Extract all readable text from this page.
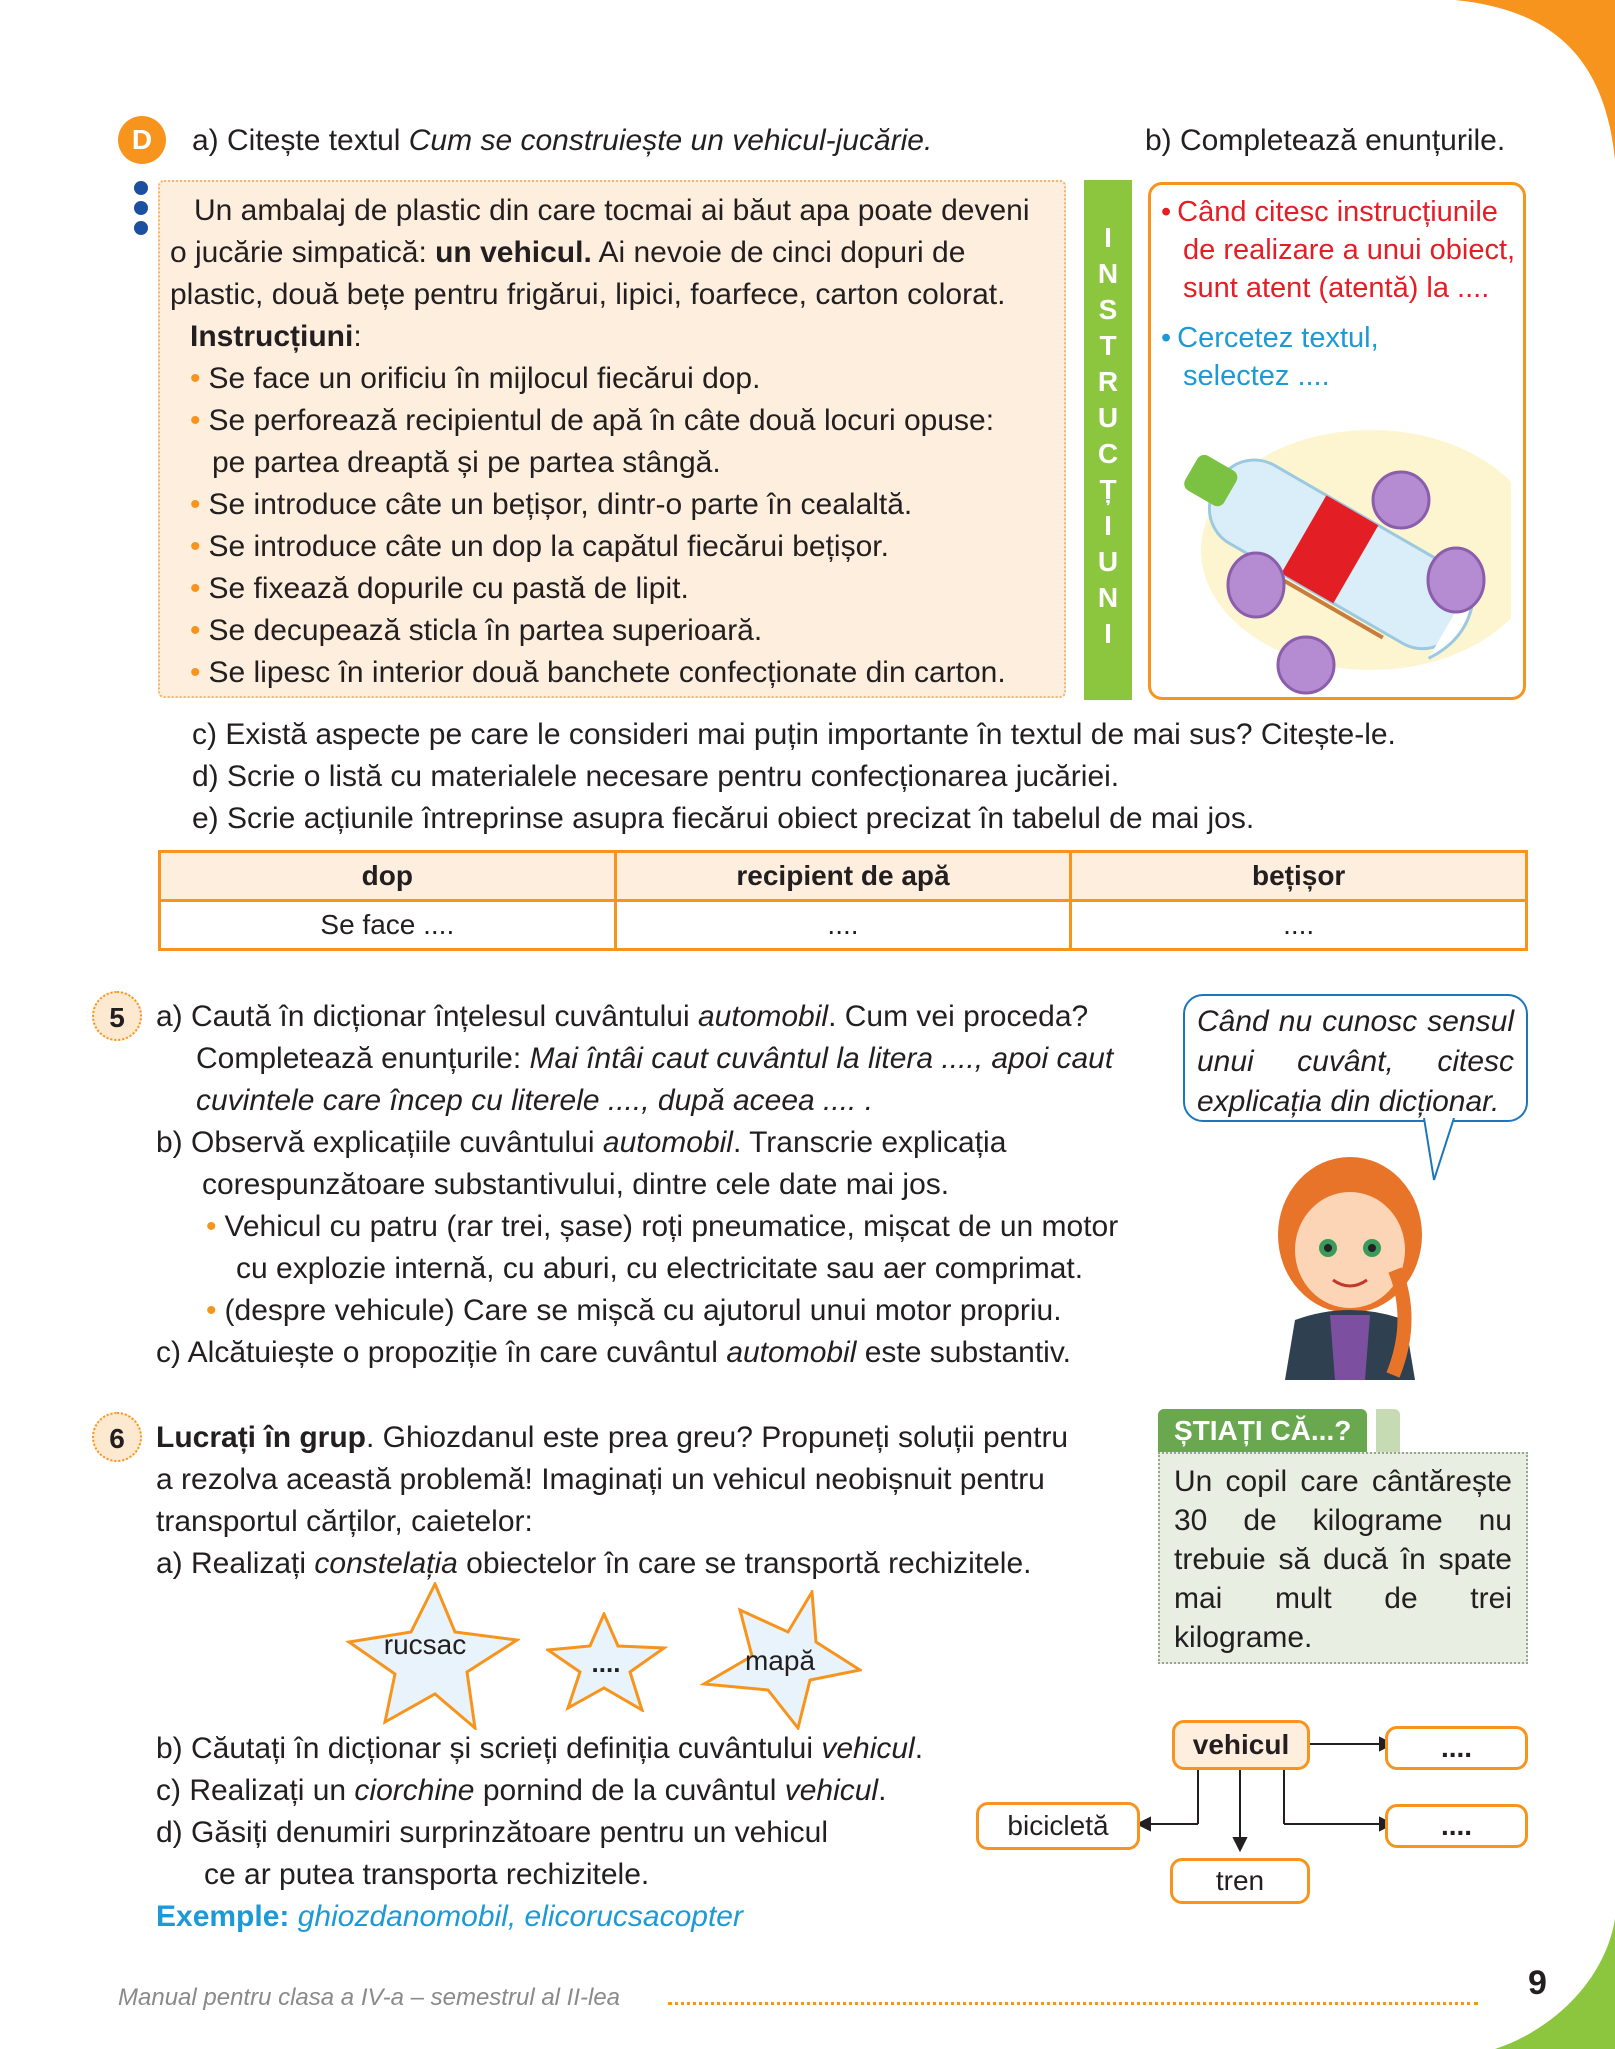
D	a) Citește textul Cum se construiește un vehicul-jucărie.	b) Completează enunțurile.
Un ambalaj de plastic din care tocmai ai băut apa poate deveni
o jucărie simpatică: un vehicul. Ai nevoie de cinci dopuri de
plastic, două bețe pentru frigărui, lipici, foarfece, carton colorat.
Instrucțiuni:
• Se face un orificiu în mijlocul fiecărui dop.
• Se perforează recipientul de apă în câte două locuri opuse:
pe partea dreaptă și pe partea stângă.
• Se introduce câte un bețișor, dintr-o parte în cealaltă.
• Se introduce câte un dop la capătul fiecărui bețișor.
• Se fixează dopurile cu pastă de lipit.
• Se decupează sticla în partea superioară.
• Se lipesc în interior două banchete confecționate din carton.
I
N
S
T
R
U
C
Ț
I
U
N
I
• Când citesc instrucțiunile
de realizare a unui obiect,
sunt atent (atentă) la ....
• Cercetez textul,
selectez ....
c) Există aspecte pe care le consideri mai puțin importante în textul de mai sus? Citește-le.
d) Scrie o listă cu materialele necesare pentru confecționarea jucăriei.
e) Scrie acțiunile întreprinse asupra fiecărui obiect precizat în tabelul de mai jos.
dop	recipient de apă	bețișor
Se face ....	....	....
5	a) Caută în dicționar înțelesul cuvântului automobil. Cum vei proceda?
Completează enunțurile: Mai întâi caut cuvântul la litera ...., apoi caut
cuvintele care încep cu literele ...., după aceea .... .
b) Observă explicațiile cuvântului automobil. Transcrie explicația
corespunzătoare substantivului, dintre cele date mai jos.
• Vehicul cu patru (rar trei, șase) roți pneumatice, mișcat de un motor
cu explozie internă, cu aburi, cu electricitate sau aer comprimat.
• (despre vehicule) Care se mișcă cu ajutorul unui motor propriu.
c) Alcătuiește o propoziție în care cuvântul automobil este substantiv.
Când nu cunosc sensul unui cuvânt, citesc explicația din dicționar.
6	Lucrați în grup. Ghiozdanul este prea greu? Propuneți soluții pentru
a rezolva această problemă! Imaginați un vehicul neobișnuit pentru
transportul cărților, caietelor:
a) Realizați constelația obiectelor în care se transportă rechizitele.
rucsac
....	mapă
b) Căutați în dicționar și scrieți definiția cuvântului vehicul.
c) Realizați un ciorchine pornind de la cuvântul vehicul.
d) Găsiți denumiri surprinzătoare pentru un vehicul
ce ar putea transporta rechizitele.
Exemple: ghiozdanomobil, elicorucsacopter
ȘTIAȚI CĂ...?
Un copil care cântărește 30 de kilograme nu trebuie să ducă în spate mai mult de trei kilograme.
vehicul	....
....
bicicletă
tren
Manual pentru clasa a IV-a – semestrul al II-lea	9
